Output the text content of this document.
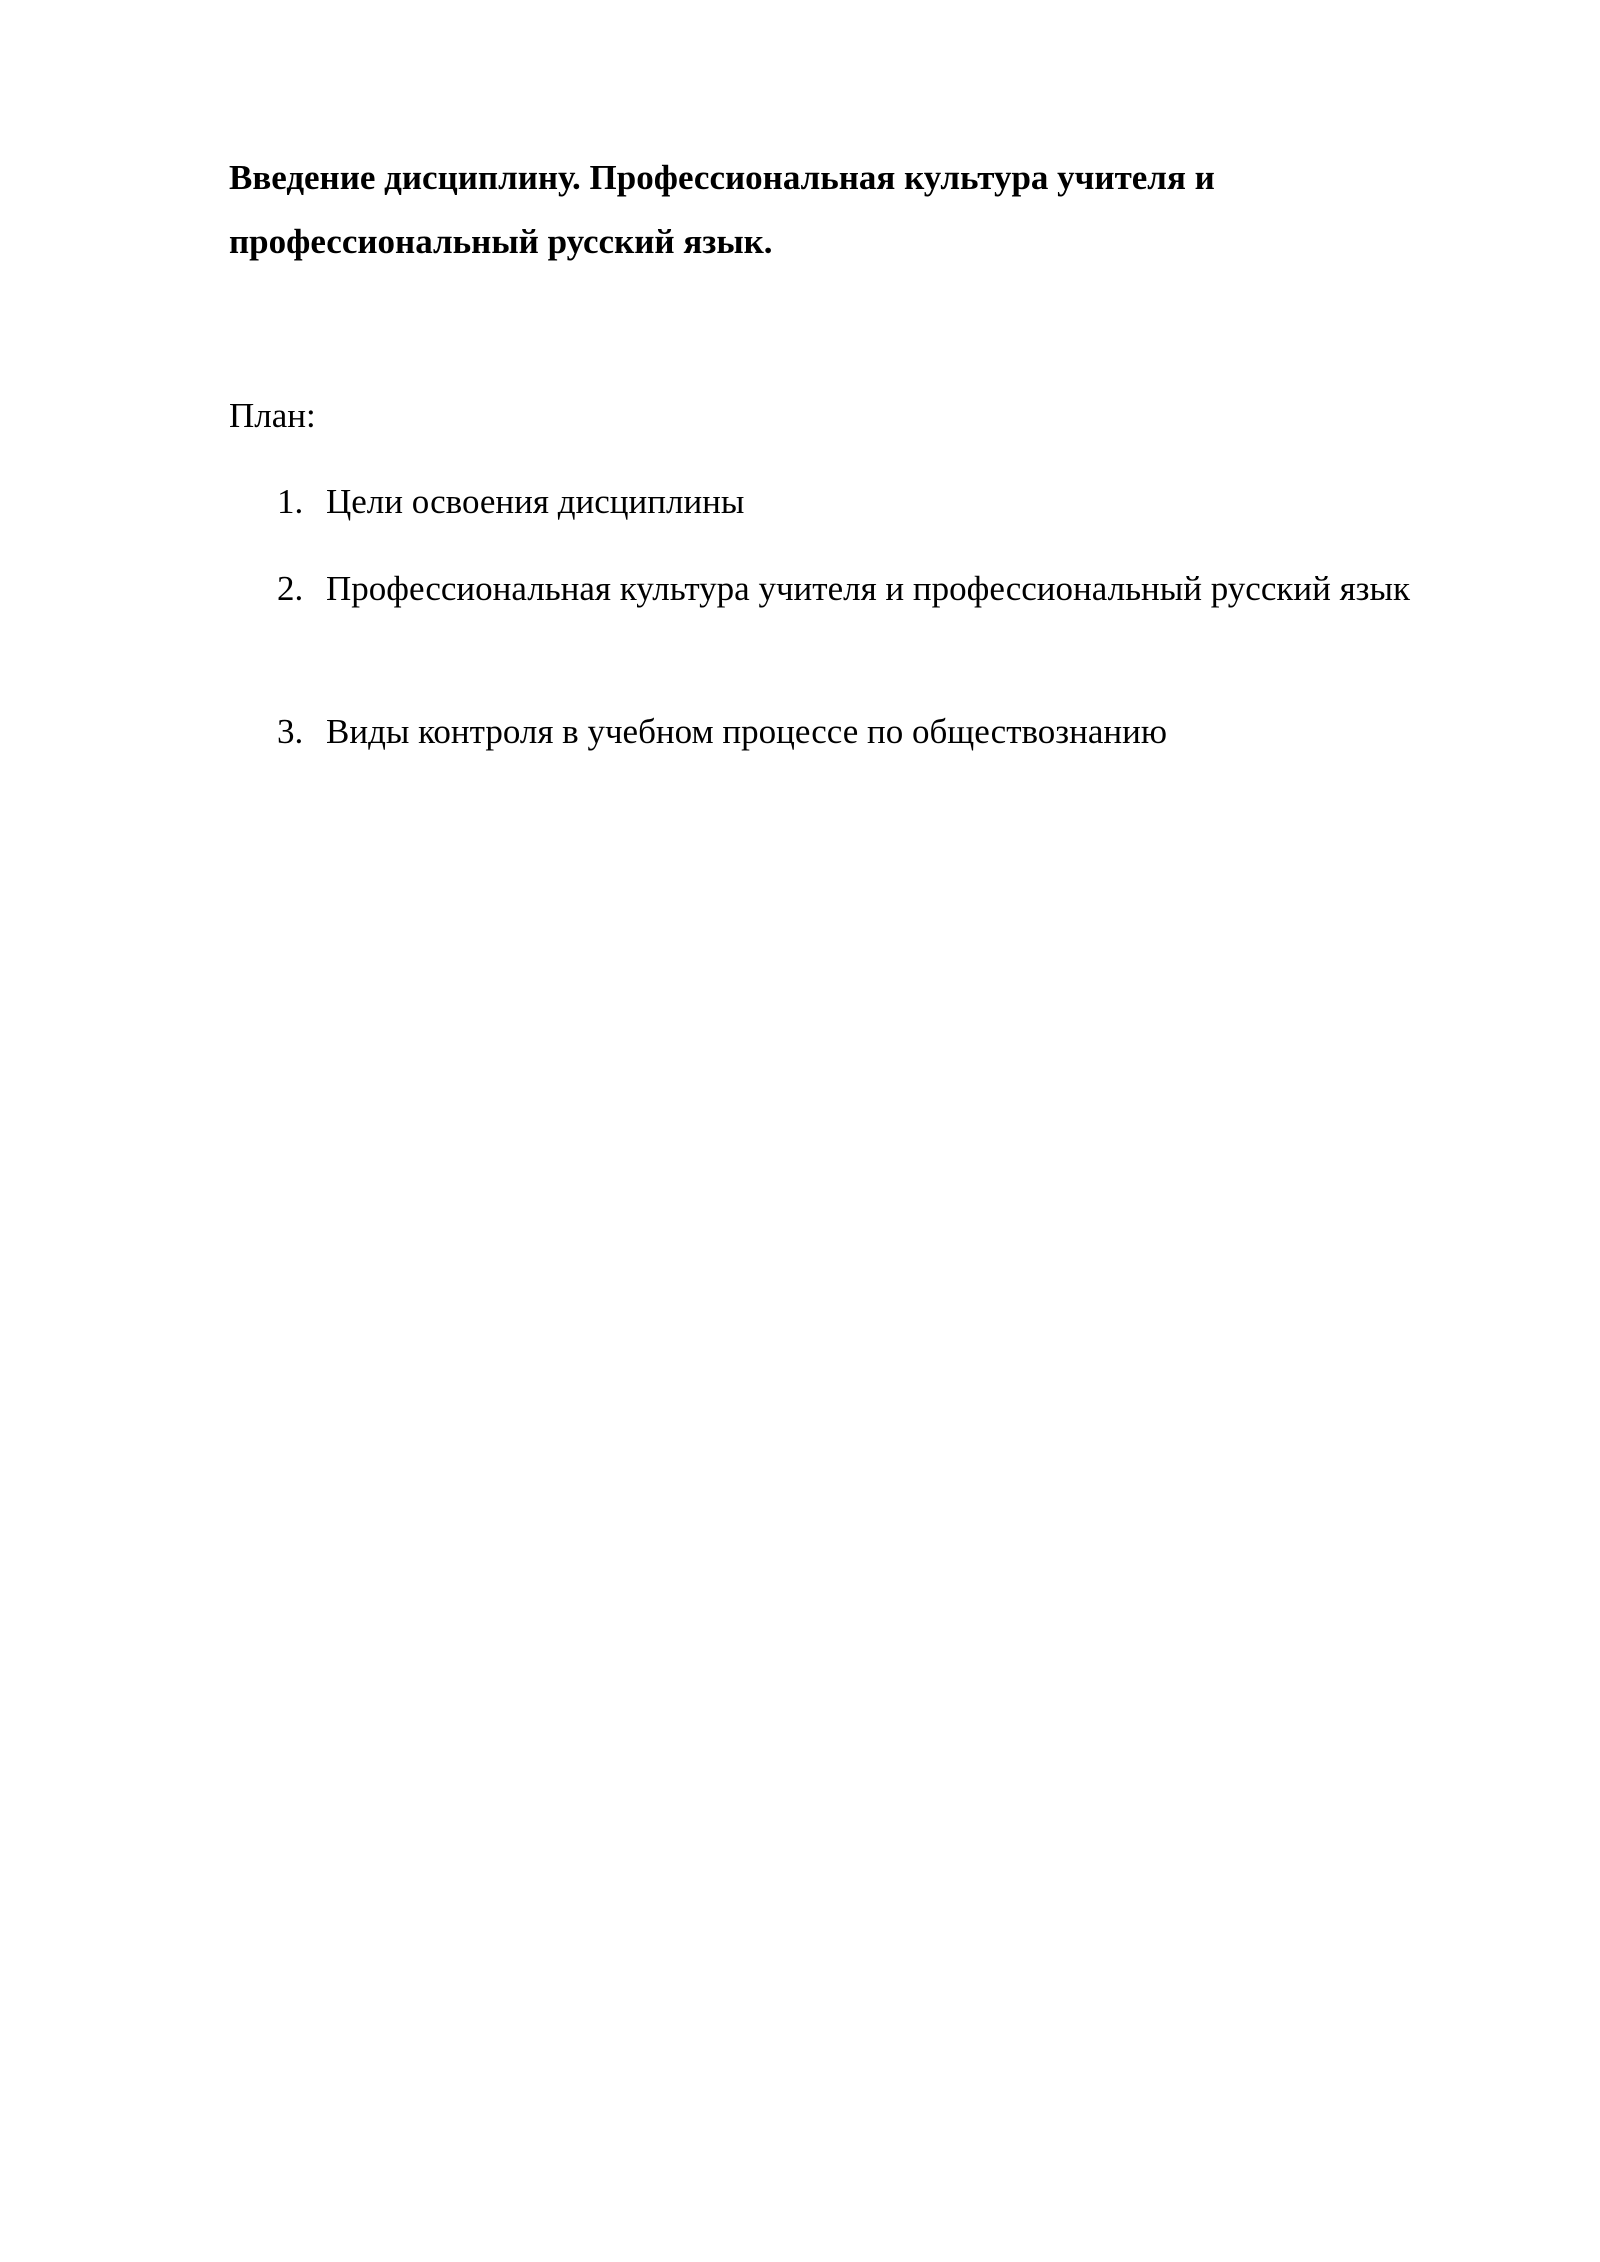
Введение дисциплину. Профессиональная культура учителя и профессиональный русский язык.

План:

1. Цели освоения дисциплины
2. Профессиональная культура учителя и профессиональный русский язык
3. Виды контроля в учебном процессе по обществознанию
